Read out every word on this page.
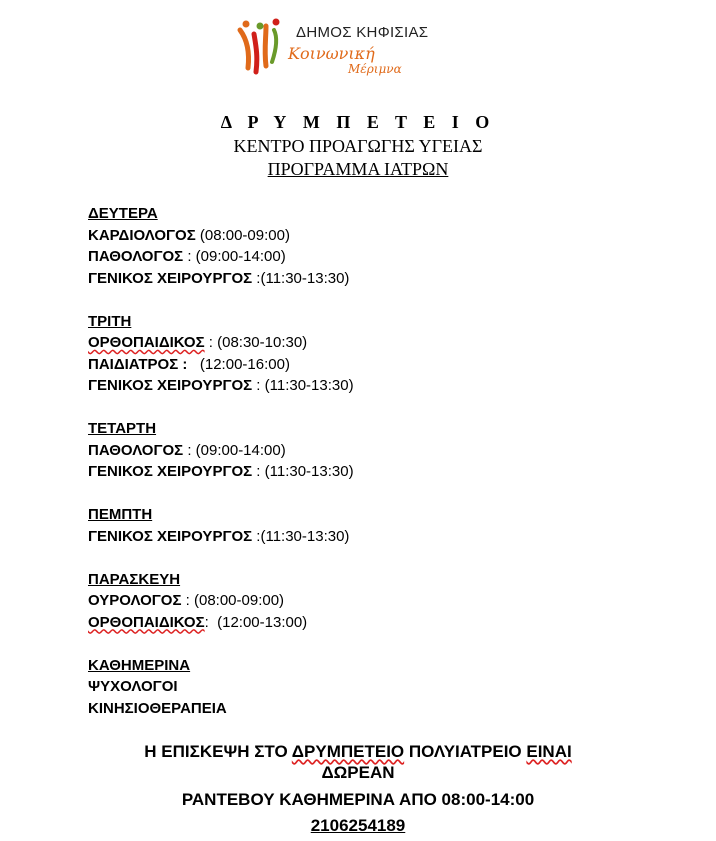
ΔΗΜΟΣ ΚΗΦΙΣΙΑΣ
Κοινωνική
Μέριμνα
Δ Ρ Υ Μ Π Ε Τ Ε Ι Ο
ΚΕΝΤΡΟ ΠΡΟΑΓΩΓΗΣ ΥΓΕΙΑΣ
ΠΡΟΓΡΑΜΜΑ ΙΑΤΡΩΝ
ΔΕΥΤΕΡΑ
ΚΑΡΔΙΟΛΟΓΟΣ (08:00-09:00)
ΠΑΘΟΛΟΓΟΣ : (09:00-14:00)
ΓΕΝΙΚΟΣ ΧΕΙΡΟΥΡΓΟΣ :(11:30-13:30)
ΤΡΙΤΗ
ΟΡΘΟΠΑΙΔΙΚΟΣ : (08:30-10:30)
ΠΑΙΔΙΑΤΡΟΣ :   (12:00-16:00)
ΓΕΝΙΚΟΣ ΧΕΙΡΟΥΡΓΟΣ : (11:30-13:30)
ΤΕΤΑΡΤΗ
ΠΑΘΟΛΟΓΟΣ : (09:00-14:00)
ΓΕΝΙΚΟΣ ΧΕΙΡΟΥΡΓΟΣ : (11:30-13:30)
ΠΕΜΠΤΗ
ΓΕΝΙΚΟΣ ΧΕΙΡΟΥΡΓΟΣ :(11:30-13:30)
ΠΑΡΑΣΚΕΥΗ
ΟΥΡΟΛΟΓΟΣ : (08:00-09:00)
ΟΡΘΟΠΑΙΔΙΚΟΣ:  (12:00-13:00)
ΚΑΘΗΜΕΡΙΝΑ
ΨΥΧΟΛΟΓΟΙ
ΚΙΝΗΣΙΟΘΕΡΑΠΕΙΑ
Η ΕΠΙΣΚΕΨΗ ΣΤΟ ΔΡΥΜΠΕΤΕΙΟ ΠΟΛΥΙΑΤΡΕΙΟ ΕΙΝΑΙ
ΔΩΡΕΑΝ
ΡΑΝΤΕΒΟΥ ΚΑΘΗΜΕΡΙΝΑ ΑΠΟ 08:00-14:00
2106254189
